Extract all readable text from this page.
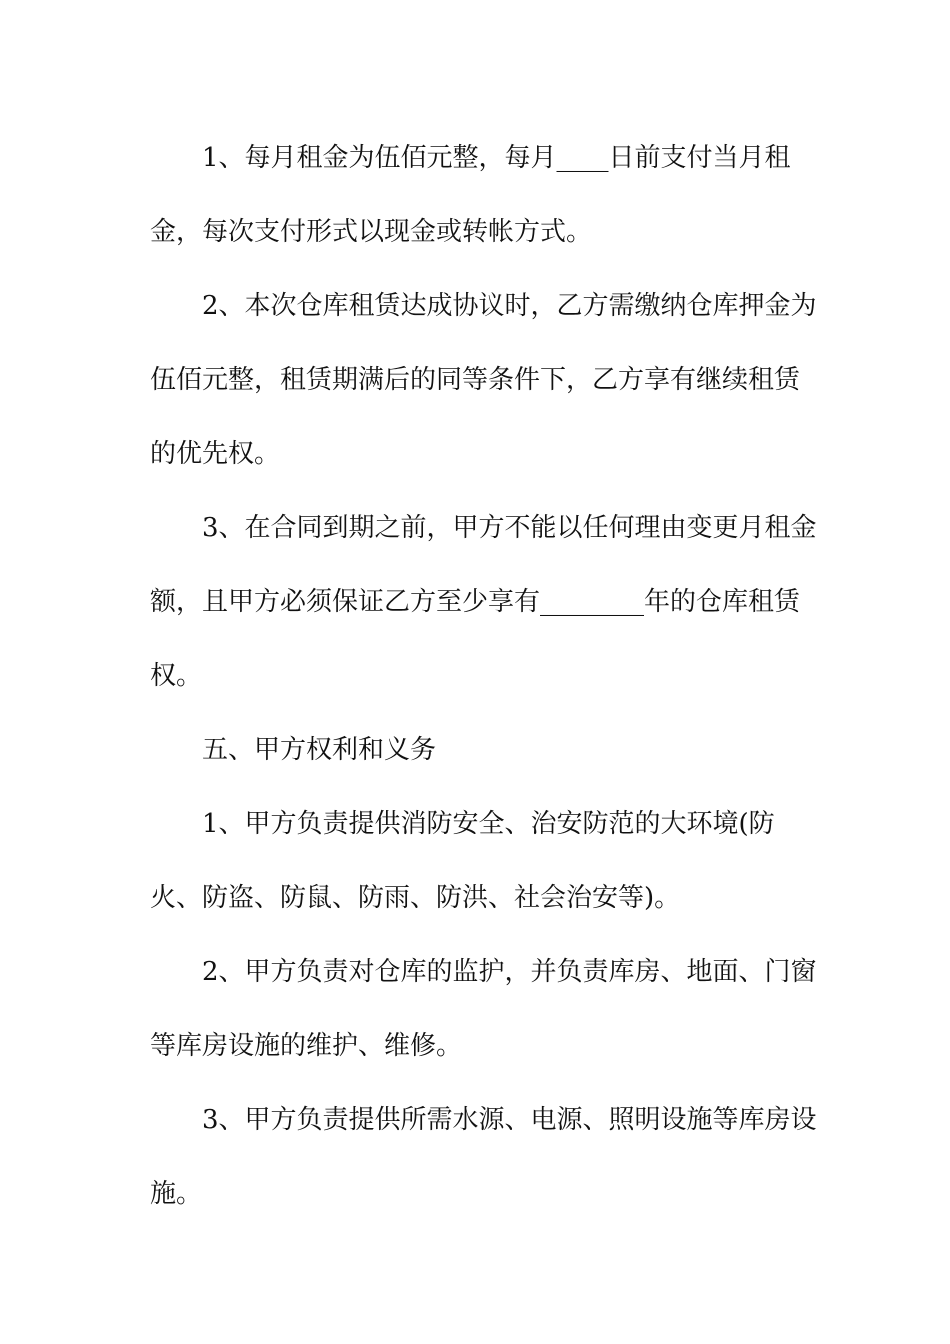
1、每月租金为伍佰元整，每月____日前支付当月租
金，每次支付形式以现金或转帐方式。

2、本次仓库租赁达成协议时，乙方需缴纳仓库押金为
伍佰元整，租赁期满后的同等条件下，乙方享有继续租赁
的优先权。

3、在合同到期之前，甲方不能以任何理由变更月租金
额，且甲方必须保证乙方至少享有________年的仓库租赁
权。

五、甲方权利和义务

1、甲方负责提供消防安全、治安防范的大环境(防
火、防盗、防鼠、防雨、防洪、社会治安等)。

2、甲方负责对仓库的监护，并负责库房、地面、门窗
等库房设施的维护、维修。

3、甲方负责提供所需水源、电源、照明设施等库房设
施。
